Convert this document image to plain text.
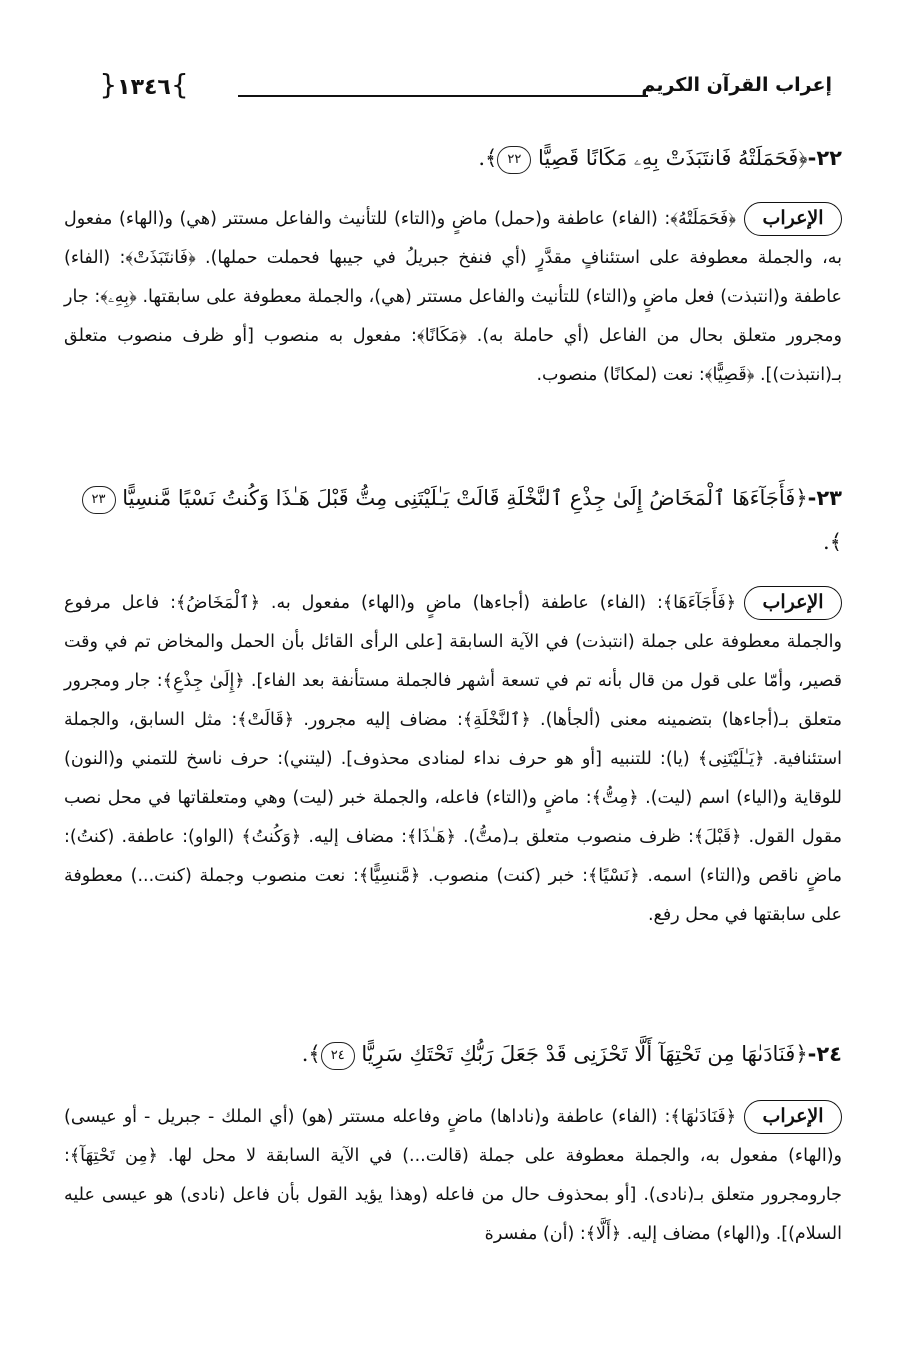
إعراب القرآن الكريم
}١٣٤٦{
٢٢-﴿فَحَمَلَتْهُ فَانتَبَذَتْ بِهِۦ مَكَانًا قَصِيًّا ٢٢﴾.
الإعراب﴿فَحَمَلَتْهُ﴾: (الفاء) عاطفة و(حمل) ماضٍ و(التاء) للتأنيث والفاعل مستتر (هي) و(الهاء) مفعول به، والجملة معطوفة على استئنافٍ مقدَّرٍ (أي فنفخ جبريلُ في جيبها فحملت حملها). ﴿فَانتَبَذَتْ﴾: (الفاء) عاطفة و(انتبذت) فعل ماضٍ و(التاء) للتأنيث والفاعل مستتر (هي)، والجملة معطوفة على سابقتها. ﴿بِهِۦ﴾: جار ومجرور متعلق بحال من الفاعل (أي حاملة به). ﴿مَكَانًا﴾: مفعول به منصوب [أو ظرف منصوب متعلق بـ(انتبذت)]. ﴿قَصِيًّا﴾: نعت (لمكانًا) منصوب.
٢٣-﴿فَأَجَآءَهَا ٱلْمَخَاضُ إِلَىٰ جِذْعِ ٱلنَّخْلَةِ قَالَتْ يَـٰلَيْتَنِى مِتُّ قَبْلَ هَـٰذَا وَكُنتُ نَسْيًا مَّنسِيًّا ٢٣﴾.
الإعراب﴿فَأَجَآءَهَا﴾: (الفاء) عاطفة (أجاءها) ماضٍ و(الهاء) مفعول به. ﴿ٱلْمَخَاضُ﴾: فاعل مرفوع والجملة معطوفة على جملة (انتبذت) في الآية السابقة [على الرأى القائل بأن الحمل والمخاض تم في وقت قصير، وأمّا على قول من قال بأنه تم في تسعة أشهر فالجملة مستأنفة بعد الفاء]. ﴿إِلَىٰ جِذْعِ﴾: جار ومجرور متعلق بـ(أجاءها) بتضمينه معنى (ألجأها). ﴿ٱلنَّخْلَةِ﴾: مضاف إليه مجرور. ﴿قَالَتْ﴾: مثل السابق، والجملة استئنافية. ﴿يَـٰلَيْتَنِى﴾ (يا): للتنبيه [أو هو حرف نداء لمنادى محذوف]. (ليتني): حرف ناسخ للتمني و(النون) للوقاية و(الياء) اسم (ليت). ﴿مِتُّ﴾: ماضٍ و(التاء) فاعله، والجملة خبر (ليت) وهي ومتعلقاتها في محل نصب مقول القول. ﴿قَبْلَ﴾: ظرف منصوب متعلق بـ(متُّ). ﴿هَـٰذَا﴾: مضاف إليه. ﴿وَكُنتُ﴾ (الواو): عاطفة. (كنتُ): ماضٍ ناقص و(التاء) اسمه. ﴿نَسْيًا﴾: خبر (كنت) منصوب. ﴿مَّنسِيًّا﴾: نعت منصوب وجملة (كنت...) معطوفة على سابقتها في محل رفع.
٢٤-﴿فَنَادَىٰهَا مِن تَحْتِهَآ أَلَّا تَحْزَنِى قَدْ جَعَلَ رَبُّكِ تَحْتَكِ سَرِيًّا ٢٤﴾.
الإعراب﴿فَنَادَىٰهَا﴾: (الفاء) عاطفة و(ناداها) ماضٍ وفاعله مستتر (هو) (أي الملك - جبريل - أو عيسى) و(الهاء) مفعول به، والجملة معطوفة على جملة (قالت...) في الآية السابقة لا محل لها. ﴿مِن تَحْتِهَآ﴾: جارومجرور متعلق بـ(نادى). [أو بمحذوف حال من فاعله (وهذا يؤيد القول بأن فاعل (نادى) هو عيسى عليه السلام)]. و(الهاء) مضاف إليه. ﴿أَلَّا﴾: (أن) مفسرة
